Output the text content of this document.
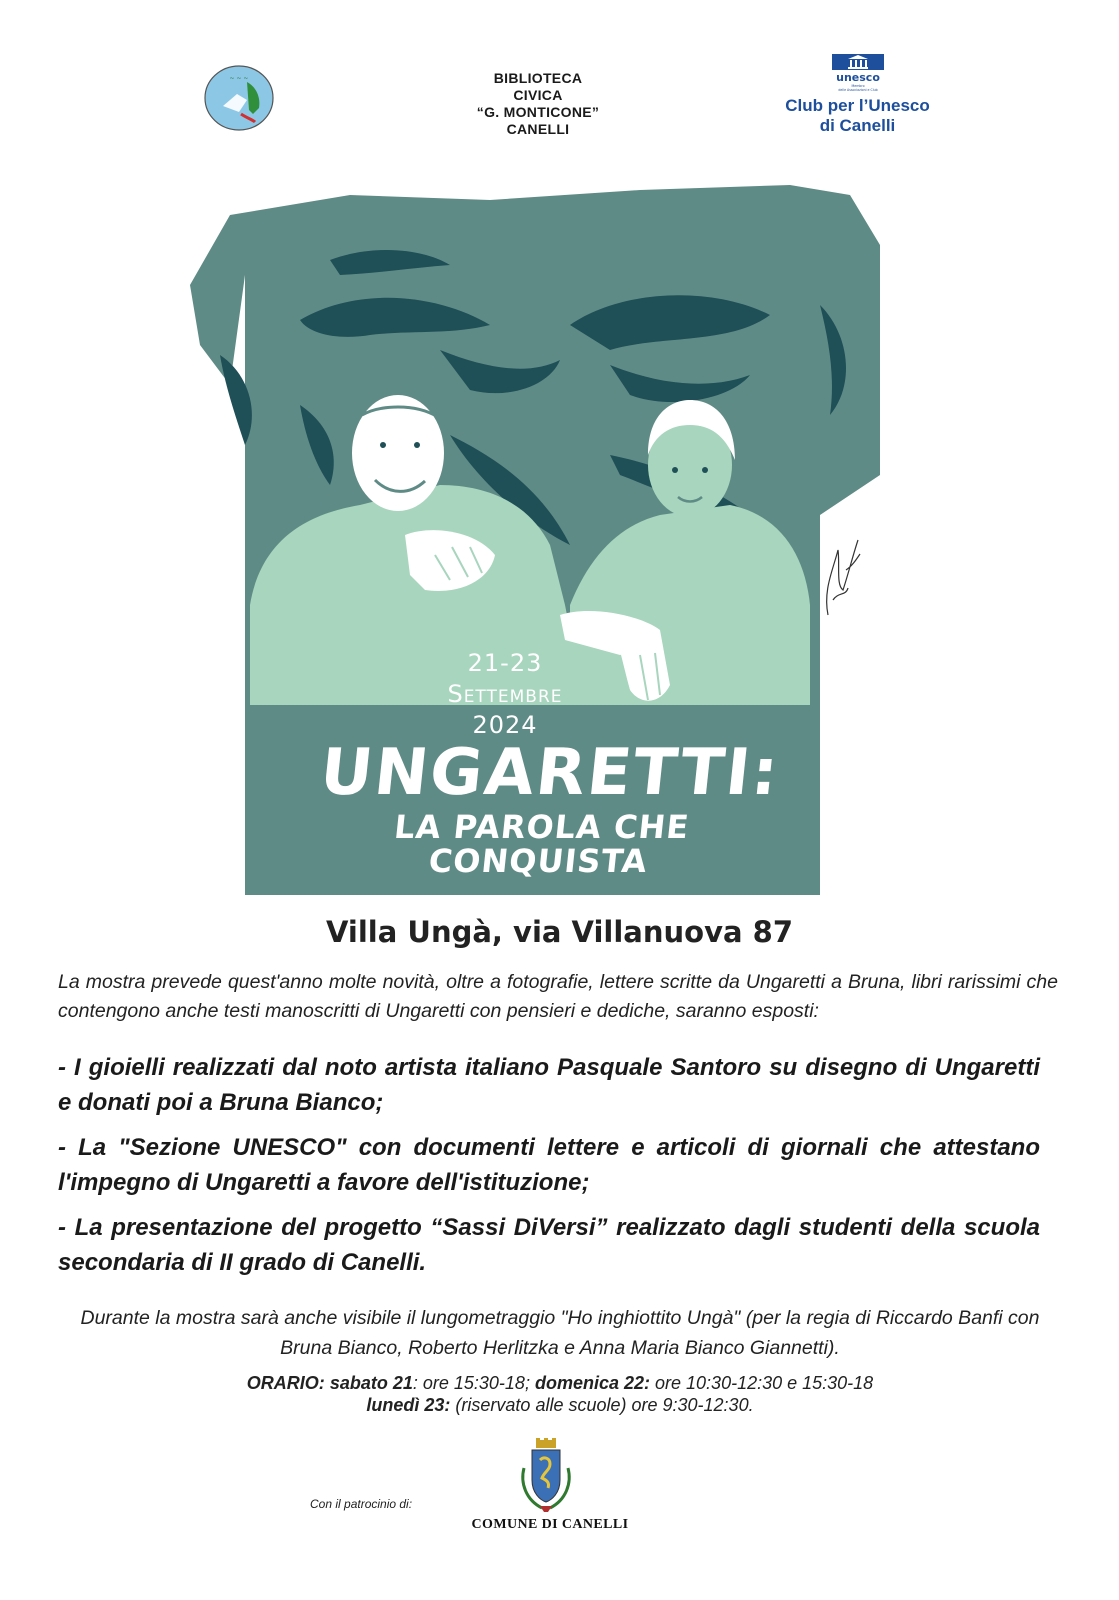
~ ~ ~	BIBLIOTECA
CIVICA
“G. MONTICONE”
CANELLI
unesco
Membro
delle Associazioni e Club
Club per l’Unesco
di Canelli
21-23
Settembre
2024
UNGARETTI:
LA PAROLA CHE
CONQUISTA
Villa Ungà, via Villanuova 87
La mostra prevede quest'anno molte novità, oltre a fotografie, lettere scritte da Ungaretti a Bruna, libri rarissimi che contengono anche testi manoscritti di Ungaretti con pensieri e dediche, saranno esposti:
- I gioielli realizzati dal noto artista italiano Pasquale Santoro su disegno di Ungaretti e donati poi a Bruna Bianco;
- La "Sezione UNESCO" con documenti lettere e articoli di giornali che attestano l'impegno di Ungaretti a favore dell'istituzione;
- La presentazione del progetto “Sassi DiVersi” realizzato dagli studenti della scuola secondaria di II grado di Canelli.
Durante la mostra sarà anche visibile il lungometraggio "Ho inghiottito Ungà" (per la regia di Riccardo Banfi con Bruna Bianco, Roberto Herlitzka e Anna Maria Bianco Giannetti).
ORARIO: sabato 21: ore 15:30-18; domenica 22: ore 10:30-12:30 e 15:30-18
lunedì 23: (riservato alle scuole) ore 9:30-12:30.
Con il patrocinio di:
COMUNE DI CANELLI
